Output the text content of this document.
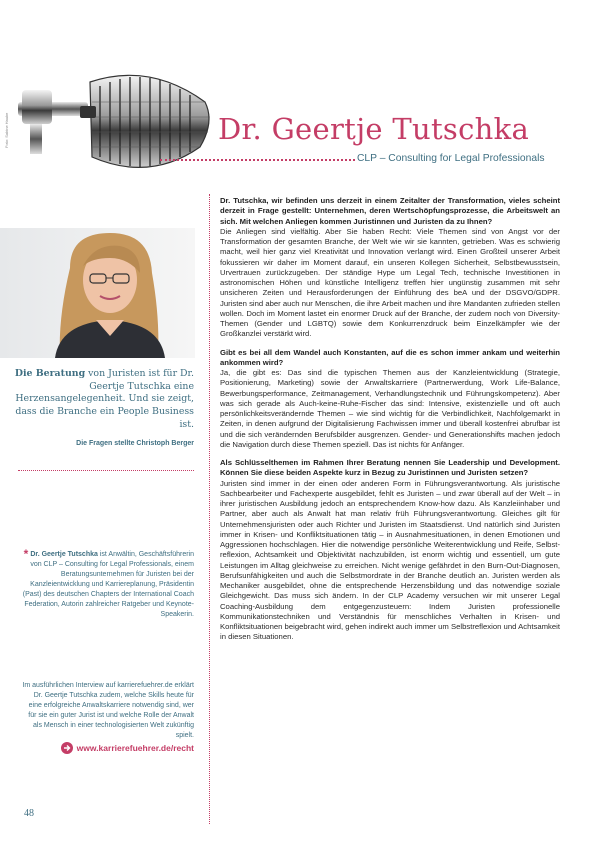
Foto: Sabine Hauke	Dr. Geertje Tutschka
CLP – Consulting for Legal Professionals
Die Beratung von Juristen ist für Dr. Geertje Tutschka eine Herzensangelegenheit. Und sie zeigt, dass die Branche ein People Business ist.
Die Fragen stellte Christoph Berger
* Dr. Geertje Tutschka ist Anwältin, Geschäftsführerin von CLP – Consulting for Legal Professionals, einem Beratungsunternehmen für Juristen bei der Kanzleientwicklung und Karriereplanung, Präsidentin (Past) des deutschen Chapters der International Coach Federation, Autorin zahlreicher Ratgeber und Keynote-Speakerin.
Im ausführlichen Interview auf karrierefuehrer.de erklärt Dr. Geertje Tutschka zudem, welche Skills heute für eine erfolgreiche Anwaltskarriere notwendig sind, wer für sie ein guter Jurist ist und welche Rolle der Anwalt als Mensch in einer technologisierten Welt zukünftig spielt.
www.karrierefuehrer.de/recht
48

Dr. Tutschka, wir befinden uns derzeit in einem Zeitalter der Transformation, vieles scheint derzeit in Frage gestellt: Unternehmen, deren Wertschöpfungsprozesse, die Arbeitswelt an sich. Mit welchen Anliegen kommen Juristinnen und Juristen da zu Ihnen?

Die Anliegen sind vielfältig. Aber Sie haben Recht: Viele Themen sind von Angst vor der Transformation der gesamten Branche, der Welt wie wir sie kannten, getrieben. Was es schwierig macht, weil hier ganz viel Kreativität und Innovation verlangt wird. Einen Großteil unserer Arbeit fokussieren wir daher im Moment darauf, ein unseren Kollegen Sicherheit, Selbstbewusstsein, Urvertrauen zurückzugeben. Der ständige Hype um Legal Tech, technische Investitionen in astronomischen Höhen und künstliche Intelligenz treffen hier ungünstig zusammen mit sehr unsicheren Zeiten und Herausforderungen der Einführung des beA und der DSGVO/GDPR. Juristen sind aber auch nur Menschen, die ihre Arbeit machen und ihre Mandanten zufrieden stellen wollen. Doch im Moment lastet ein enormer Druck auf der Branche, der zudem noch von Diversity-Themen (Gender und LGBTQ) sowie dem Konkurrenzdruck beim Einzelkämpfer wie der Großkanzlei verstärkt wird.

Gibt es bei all dem Wandel auch Konstanten, auf die es schon immer ankam und weiterhin ankommen wird?

Ja, die gibt es: Das sind die typischen Themen aus der Kanzleientwicklung (Strategie, Positionierung, Marketing) sowie der Anwaltskarriere (Partnerwerdung, Work Life-Balance, Bewerbungsperformance, Zeitmanagement, Verhandlungstechnik und Führungskompetenz). Aber was sich gerade als Auch-keine-Ruhe-Fischer das sind: Intensive, existenzielle und oft auch persönlichkeitsverändernde Themen – wie sind wichtig für die Verbindlichkeit, Nachfolgemarkt in Zeiten, in denen aufgrund der Digitalisierung Fachwissen immer und überall kostenfrei abrufbar ist und die sich verändernden Berufsbilder ausgrenzen. Gender- und Generationshifts machen jedoch die Navigation durch diese Themen speziell. Das ist nichts für Anfänger.

Als Schlüsselthemen im Rahmen Ihrer Beratung nennen Sie Leadership und Development. Können Sie diese beiden Aspekte kurz in Bezug zu Juristinnen und Juristen setzen?

Juristen sind immer in der einen oder anderen Form in Führungsverantwortung. Als juristische Sachbearbeiter und Fachexperte ausgebildet, fehlt es Juristen – und zwar überall auf der Welt – in ihrer juristischen Ausbildung jedoch an entsprechendem Know-how dazu. Als Kanzleiinhaber und Partner, aber auch als Anwalt hat man relativ früh Führungsverantwortung. Gleiches gilt für Unternehmensjuristen oder auch Richter und Juristen im Staatsdienst. Und natürlich sind Juristen immer in Krisen- und Konfliktsituationen tätig – in Ausnahmesituationen, in denen Emotionen und Aggressionen hochschlagen. Hier die notwendige persönliche Weiterentwicklung und Reife, Selbstreflexion, Achtsamkeit und Objektivität nachzubilden, ist enorm wichtig und essentiell, um gute Leistungen im Alltag gleichweise zu erreichen. Nicht wenige gefährdet in den Burn-Out-Diagnosen, Berufsunfähigkeiten und auch die Selbstmordrate in der Branche deutlich an. Juristen werden als Mechaniker ausgebildet, ohne die entsprechende Herzensbildung und das notwendige soziale Gleichgewicht. Das muss sich ändern. In der CLP Academy versuchen wir mit unserer Legal Coaching-Ausbildung dem entgegenzusteuern: Indem Juristen professionelle Kommunikationstechniken und Verständnis für menschliches Verhalten in Krisen- und Konfliktsituationen beigebracht wird, gehen indirekt auch immer um Selbstreflexion und Achtsamkeit in diesen Situationen.
